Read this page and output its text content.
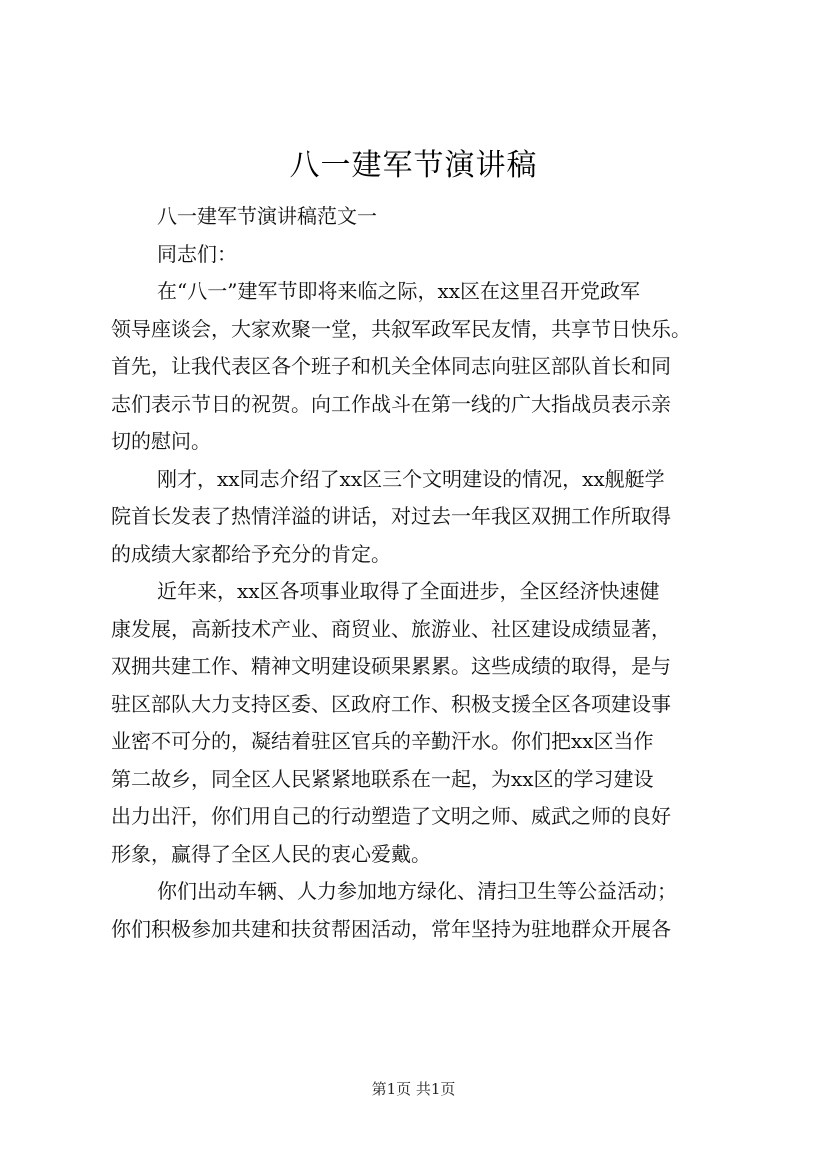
八一建军节演讲稿
八一建军节演讲稿范文一
同志们：
在“八一”建军节即将来临之际，xx区在这里召开党政军
领导座谈会，大家欢聚一堂，共叙军政军民友情，共享节日快乐。
首先，让我代表区各个班子和机关全体同志向驻区部队首长和同
志们表示节日的祝贺。向工作战斗在第一线的广大指战员表示亲
切的慰问。
刚才，xx同志介绍了xx区三个文明建设的情况，xx舰艇学
院首长发表了热情洋溢的讲话，对过去一年我区双拥工作所取得
的成绩大家都给予充分的肯定。
近年来，xx区各项事业取得了全面进步，全区经济快速健
康发展，高新技术产业、商贸业、旅游业、社区建设成绩显著，
双拥共建工作、精神文明建设硕果累累。这些成绩的取得，是与
驻区部队大力支持区委、区政府工作、积极支援全区各项建设事
业密不可分的，凝结着驻区官兵的辛勤汗水。你们把xx区当作
第二故乡，同全区人民紧紧地联系在一起，为xx区的学习建设
出力出汗，你们用自己的行动塑造了文明之师、威武之师的良好
形象，赢得了全区人民的衷心爱戴。
你们出动车辆、人力参加地方绿化、清扫卫生等公益活动；
你们积极参加共建和扶贫帮困活动，常年坚持为驻地群众开展各
第1页 共1页
